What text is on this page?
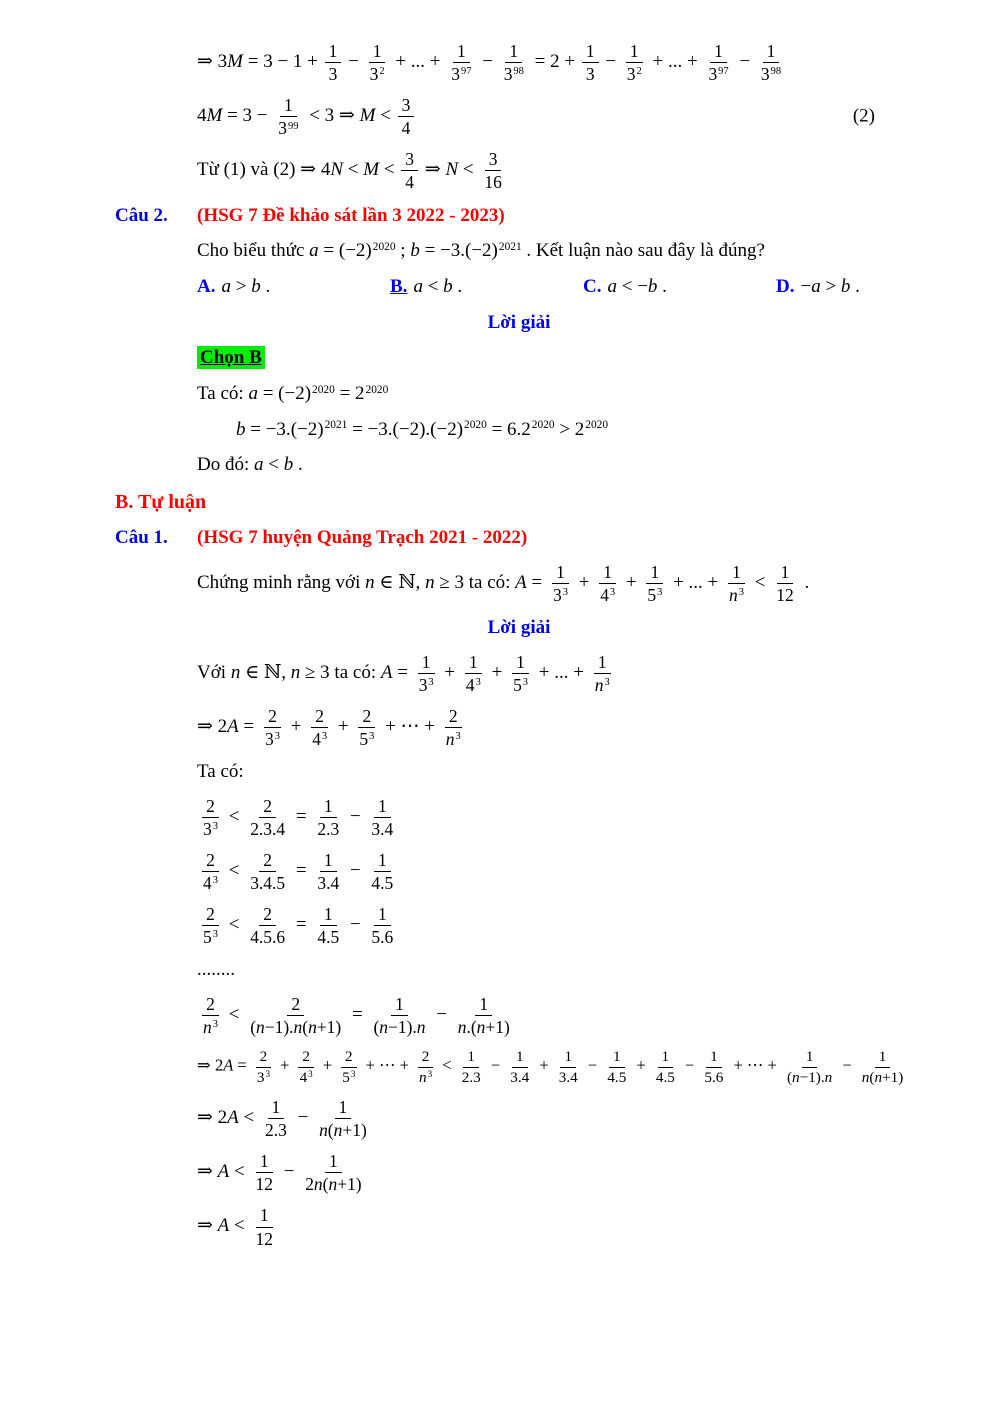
⇒ $3M = 3 - 1 + \frac{1}{3} - \frac{1}{3^2}$ + ... + $\frac{1}{3^{97}} - \frac{1}{3^{98}} = 2 + \frac{1}{3} - \frac{1}{3^2}$ + ... + $\frac{1}{3^{97}} - \frac{1}{3^{98}}$
$4M = 3 - \frac{1}{3^{99}} < 3$ ⇒ $M < \frac{3}{4}$	(2)
Từ (1) và (2) ⇒ $4N < M < \frac{3}{4}$ ⇒ $N < \frac{3}{16}$
Câu 2. (HSG 7 Đề khảo sát lần 3 2022 - 2023)
Cho biểu thức $a = (-2)^{2020}$ ; $b = -3.(-2)^{2021}$ . Kết luận nào sau đây là đúng?
A. a > b .	B. a < b .	C. a < −b .	D. −a > b .
Lời giải
Chọn B
Ta có: $a = (-2)^{2020} = 2^{2020}$
$b = -3.(-2)^{2021} = -3.(-2).(-2)^{2020} = 6.2^{2020} > 2^{2020}$
Do đó: a < b .
B. Tự luận
Câu 1. (HSG 7 huyện Quảng Trạch 2021 - 2022)
Chứng minh rằng với n ∈ ℕ, n ≥ 3 ta có: $A = \frac{1}{3^3} + \frac{1}{4^3} + \frac{1}{5^3}$ + ... + $\frac{1}{n^3} < \frac{1}{12}$ .
Lời giải
Với n ∈ ℕ, n ≥ 3 ta có: $A = \frac{1}{3^3} + \frac{1}{4^3} + \frac{1}{5^3}$ + ... + $\frac{1}{n^3}$
⇒ $2A = \frac{2}{3^3} + \frac{2}{4^3} + \frac{2}{5^3}$ + ⋯ + $\frac{2}{n^3}$
Ta có:
$\frac{2}{3^3} < \frac{2}{2.3.4} = \frac{1}{2.3} - \frac{1}{3.4}$
$\frac{2}{4^3} < \frac{2}{3.4.5} = \frac{1}{3.4} - \frac{1}{4.5}$
$\frac{2}{5^3} < \frac{2}{4.5.6} = \frac{1}{4.5} - \frac{1}{5.6}$
........
$\frac{2}{n^3} < \frac{2}{(n-1).n(n+1)} = \frac{1}{(n-1).n} - \frac{1}{n.(n+1)}$
⇒ $2A = \frac{2}{3^3} + \frac{2}{4^3} + \frac{2}{5^3}$ + ⋯ + $\frac{2}{n^3} < \frac{1}{2.3} - \frac{1}{3.4} + \frac{1}{3.4} - \frac{1}{4.5} + \frac{1}{4.5} - \frac{1}{5.6}$ + ⋯ + $\frac{1}{(n-1).n} - \frac{1}{n(n+1)}$
⇒ $2A < \frac{1}{2.3} - \frac{1}{n(n+1)}$
⇒ $A < \frac{1}{12} - \frac{1}{2n(n+1)}$
⇒ $A < \frac{1}{12}$
